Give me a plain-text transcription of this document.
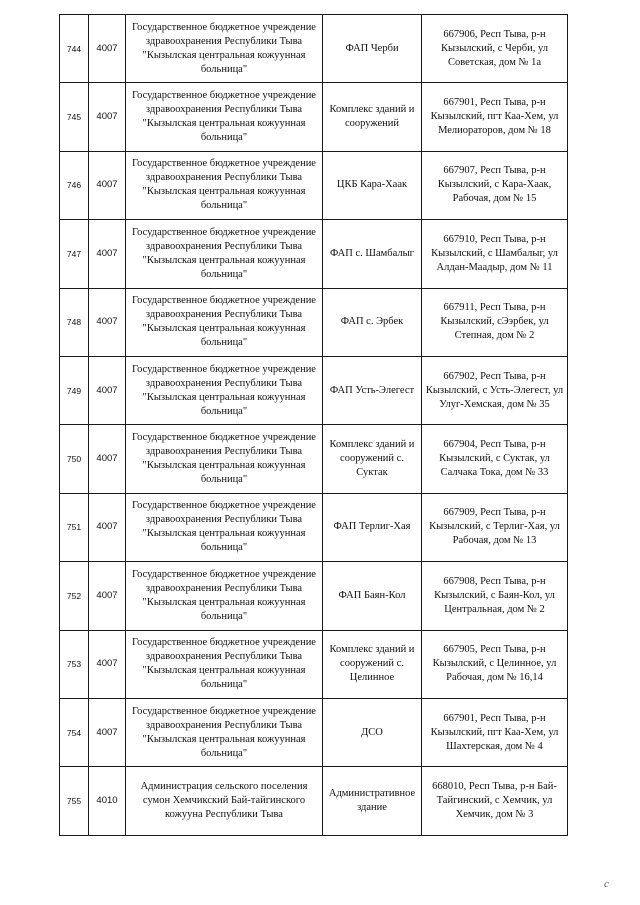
744	4007	Государственное бюджетное учреждение здравоохранения Республики Тыва "Кызылская центральная кожуунная больница"	ФАП Черби	667906, Респ Тыва, р-н Кызылский, с Черби, ул Советская, дом № 1а
745	4007	Государственное бюджетное учреждение здравоохранения Республики Тыва "Кызылская центральная кожуунная больница"	Комплекс зданий и сооружений	667901, Респ Тыва, р-н Кызылский, пгт Каа-Хем, ул Мелиораторов, дом № 18
746	4007	Государственное бюджетное учреждение здравоохранения Республики Тыва "Кызылская центральная кожуунная больница"	ЦКБ Кара-Хаак	667907, Респ Тыва, р-н Кызылский, с Кара-Хаак, Рабочая, дом № 15
747	4007	Государственное бюджетное учреждение здравоохранения Республики Тыва "Кызылская центральная кожуунная больница"	ФАП с. Шамбалыг	667910, Респ Тыва, р-н Кызылский, с Шамбалыг, ул Алдан-Маадыр, дом № 11
748	4007	Государственное бюджетное учреждение здравоохранения Республики Тыва "Кызылская центральная кожуунная больница"	ФАП с. Эрбек	667911, Респ Тыва, р-н Кызылский, сЭэрбек, ул Степная, дом № 2
749	4007	Государственное бюджетное учреждение здравоохранения Республики Тыва "Кызылская центральная кожуунная больница"	ФАП Усть-Элегест	667902, Респ Тыва, р-н Кызылский, с Усть-Элегест, ул Улуг-Хемская, дом № 35
750	4007	Государственное бюджетное учреждение здравоохранения Республики Тыва "Кызылская центральная кожуунная больница"	Комплекс зданий и сооружений с. Суктак	667904, Респ Тыва, р-н Кызылский, с Суктак, ул Салчака Тока, дом № 33
751	4007	Государственное бюджетное учреждение здравоохранения Республики Тыва "Кызылская центральная кожуунная больница"	ФАП Терлиг-Хая	667909, Респ Тыва, р-н Кызылский, с Терлиг-Хая, ул Рабочая, дом № 13
752	4007	Государственное бюджетное учреждение здравоохранения Республики Тыва "Кызылская центральная кожуунная больница"	ФАП Баян-Кол	667908, Респ Тыва, р-н Кызылский, с Баян-Кол, ул Центральная, дом № 2
753	4007	Государственное бюджетное учреждение здравоохранения Республики Тыва "Кызылская центральная кожуунная больница"	Комплекс зданий и сооружений с. Целинное	667905, Респ Тыва, р-н Кызылский, с Целинное, ул Рабочая, дом № 16,14
754	4007	Государственное бюджетное учреждение здравоохранения Республики Тыва "Кызылская центральная кожуунная больница"	ДСО	667901, Респ Тыва, р-н Кызылский, пгт Каа-Хем, ул Шахтерская, дом № 4
755	4010	Администрация сельского поселения сумон Хемчикский Бай-тайгинского кожууна Республики Тыва	Административное здание	668010, Респ Тыва, р-н Бай-Тайгинский, с Хемчик, ул Хемчик, дом № 3
с
